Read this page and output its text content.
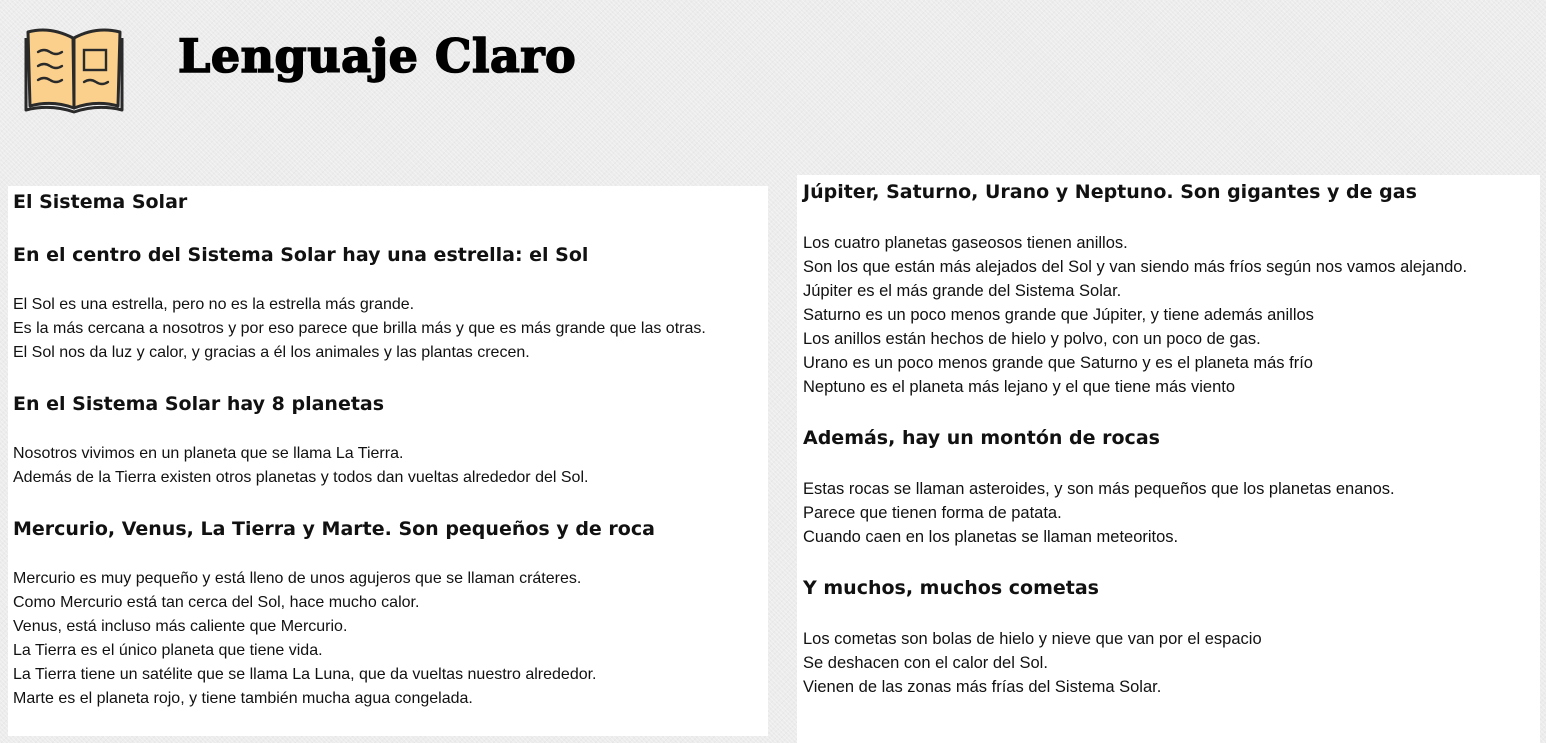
Lenguaje Claro
El Sistema Solar
En el centro del Sistema Solar hay una estrella: el Sol
El Sol es una estrella, pero no es la estrella más grande.
Es la más cercana a nosotros y por eso parece que brilla más y que es más grande que las otras.
El Sol nos da luz y calor, y gracias a él los animales y las plantas crecen.
En el Sistema Solar hay 8 planetas
Nosotros vivimos en un planeta que se llama La Tierra.
Además de la Tierra existen otros planetas y todos dan vueltas alrededor del Sol.
Mercurio, Venus, La Tierra y Marte. Son pequeños y de roca
Mercurio es muy pequeño y está lleno de unos agujeros que se llaman cráteres.
Como Mercurio está tan cerca del Sol, hace mucho calor.
Venus, está incluso más caliente que Mercurio.
La Tierra es el único planeta que tiene vida.
La Tierra tiene un satélite que se llama La Luna, que da vueltas nuestro alrededor.
Marte es el planeta rojo, y tiene también mucha agua congelada.
Júpiter, Saturno, Urano y Neptuno. Son gigantes y de gas
Los cuatro planetas gaseosos tienen anillos.
Son los que están más alejados del Sol y van siendo más fríos según nos vamos alejando.
Júpiter es el más grande del Sistema Solar.
Saturno es un poco menos grande que Júpiter, y tiene además anillos
Los anillos están hechos de hielo y polvo, con un poco de gas.
Urano es un poco menos grande que Saturno y es el planeta más frío
Neptuno es el planeta más lejano y el que tiene más viento
Además, hay un montón de rocas
Estas rocas se llaman asteroides, y son más pequeños que los planetas enanos.
Parece que tienen forma de patata.
Cuando caen en los planetas se llaman meteoritos.
Y muchos, muchos cometas
Los cometas son bolas de hielo y nieve que van por el espacio
Se deshacen con el calor del Sol.
Vienen de las zonas más frías del Sistema Solar.
